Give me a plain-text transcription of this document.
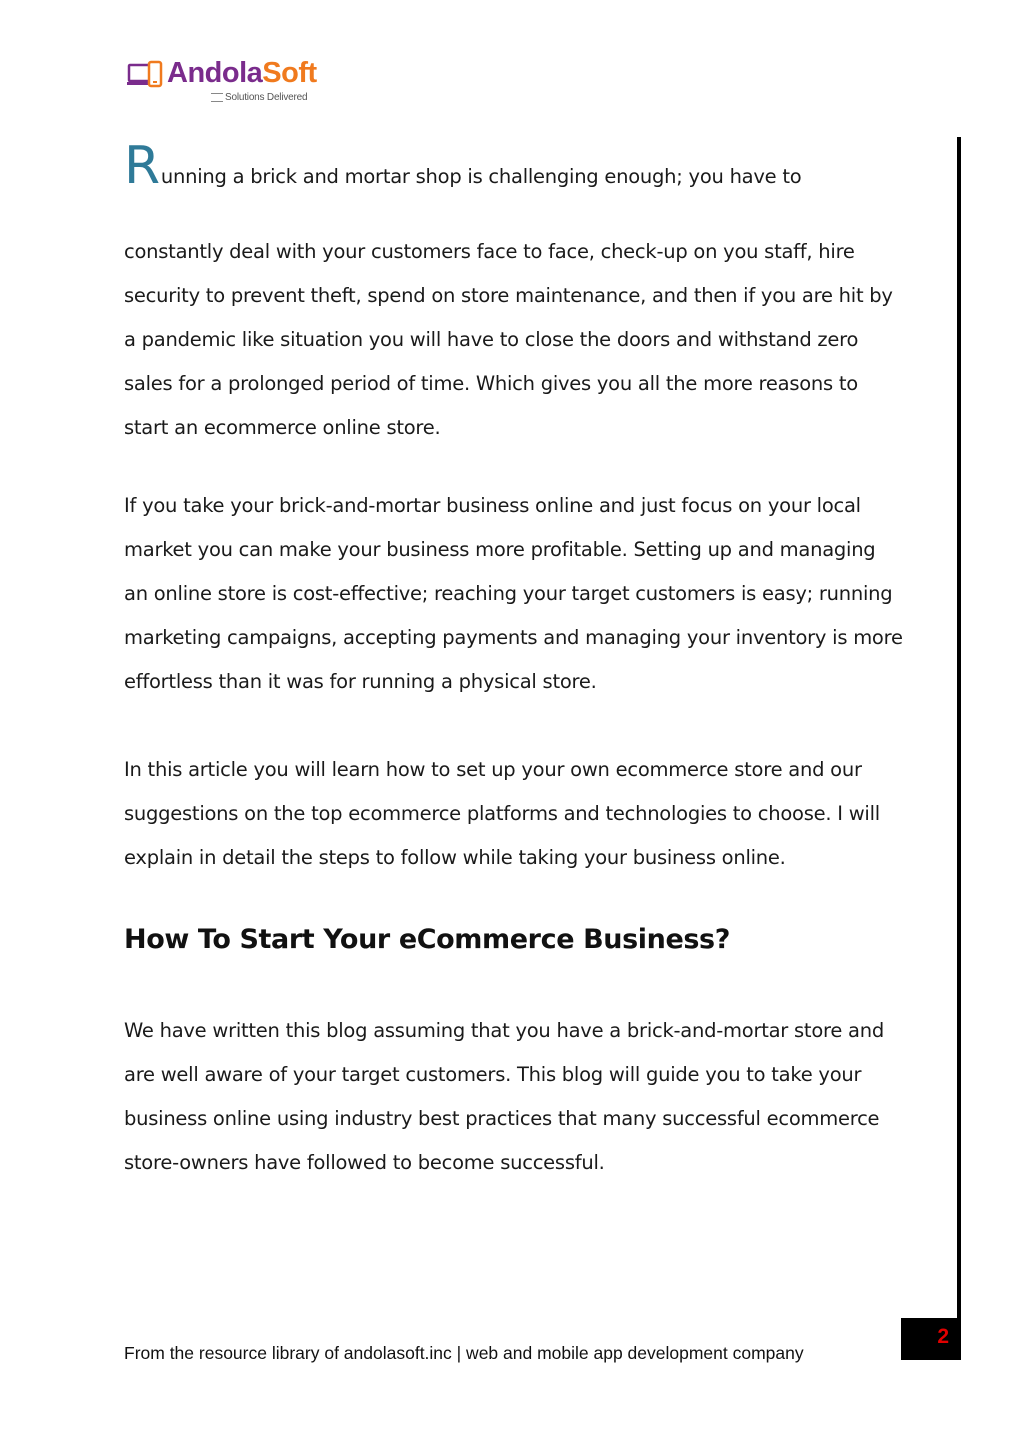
AndolaSoft
Solutions Delivered
Running a brick and mortar shop is challenging enough; you have to

constantly deal with your customers face to face, check-up on you staff, hire security to prevent theft, spend on store maintenance, and then if you are hit by a pandemic like situation you will have to close the doors and withstand zero sales for a prolonged period of time. Which gives you all the more reasons to start an ecommerce online store.

If you take your brick-and-mortar business online and just focus on your local market you can make your business more profitable. Setting up and managing an online store is cost-effective; reaching your target customers is easy; running marketing campaigns, accepting payments and managing your inventory is more effortless than it was for running a physical store.

In this article you will learn how to set up your own ecommerce store and our suggestions on the top ecommerce platforms and technologies to choose. I will explain in detail the steps to follow while taking your business online.

How To Start Your eCommerce Business?

We have written this blog assuming that you have a brick-and-mortar store and are well aware of your target customers. This blog will guide you to take your business online using industry best practices that many successful ecommerce store-owners have followed to become successful.

From the resource library of andolasoft.inc | web and mobile app development company
2
